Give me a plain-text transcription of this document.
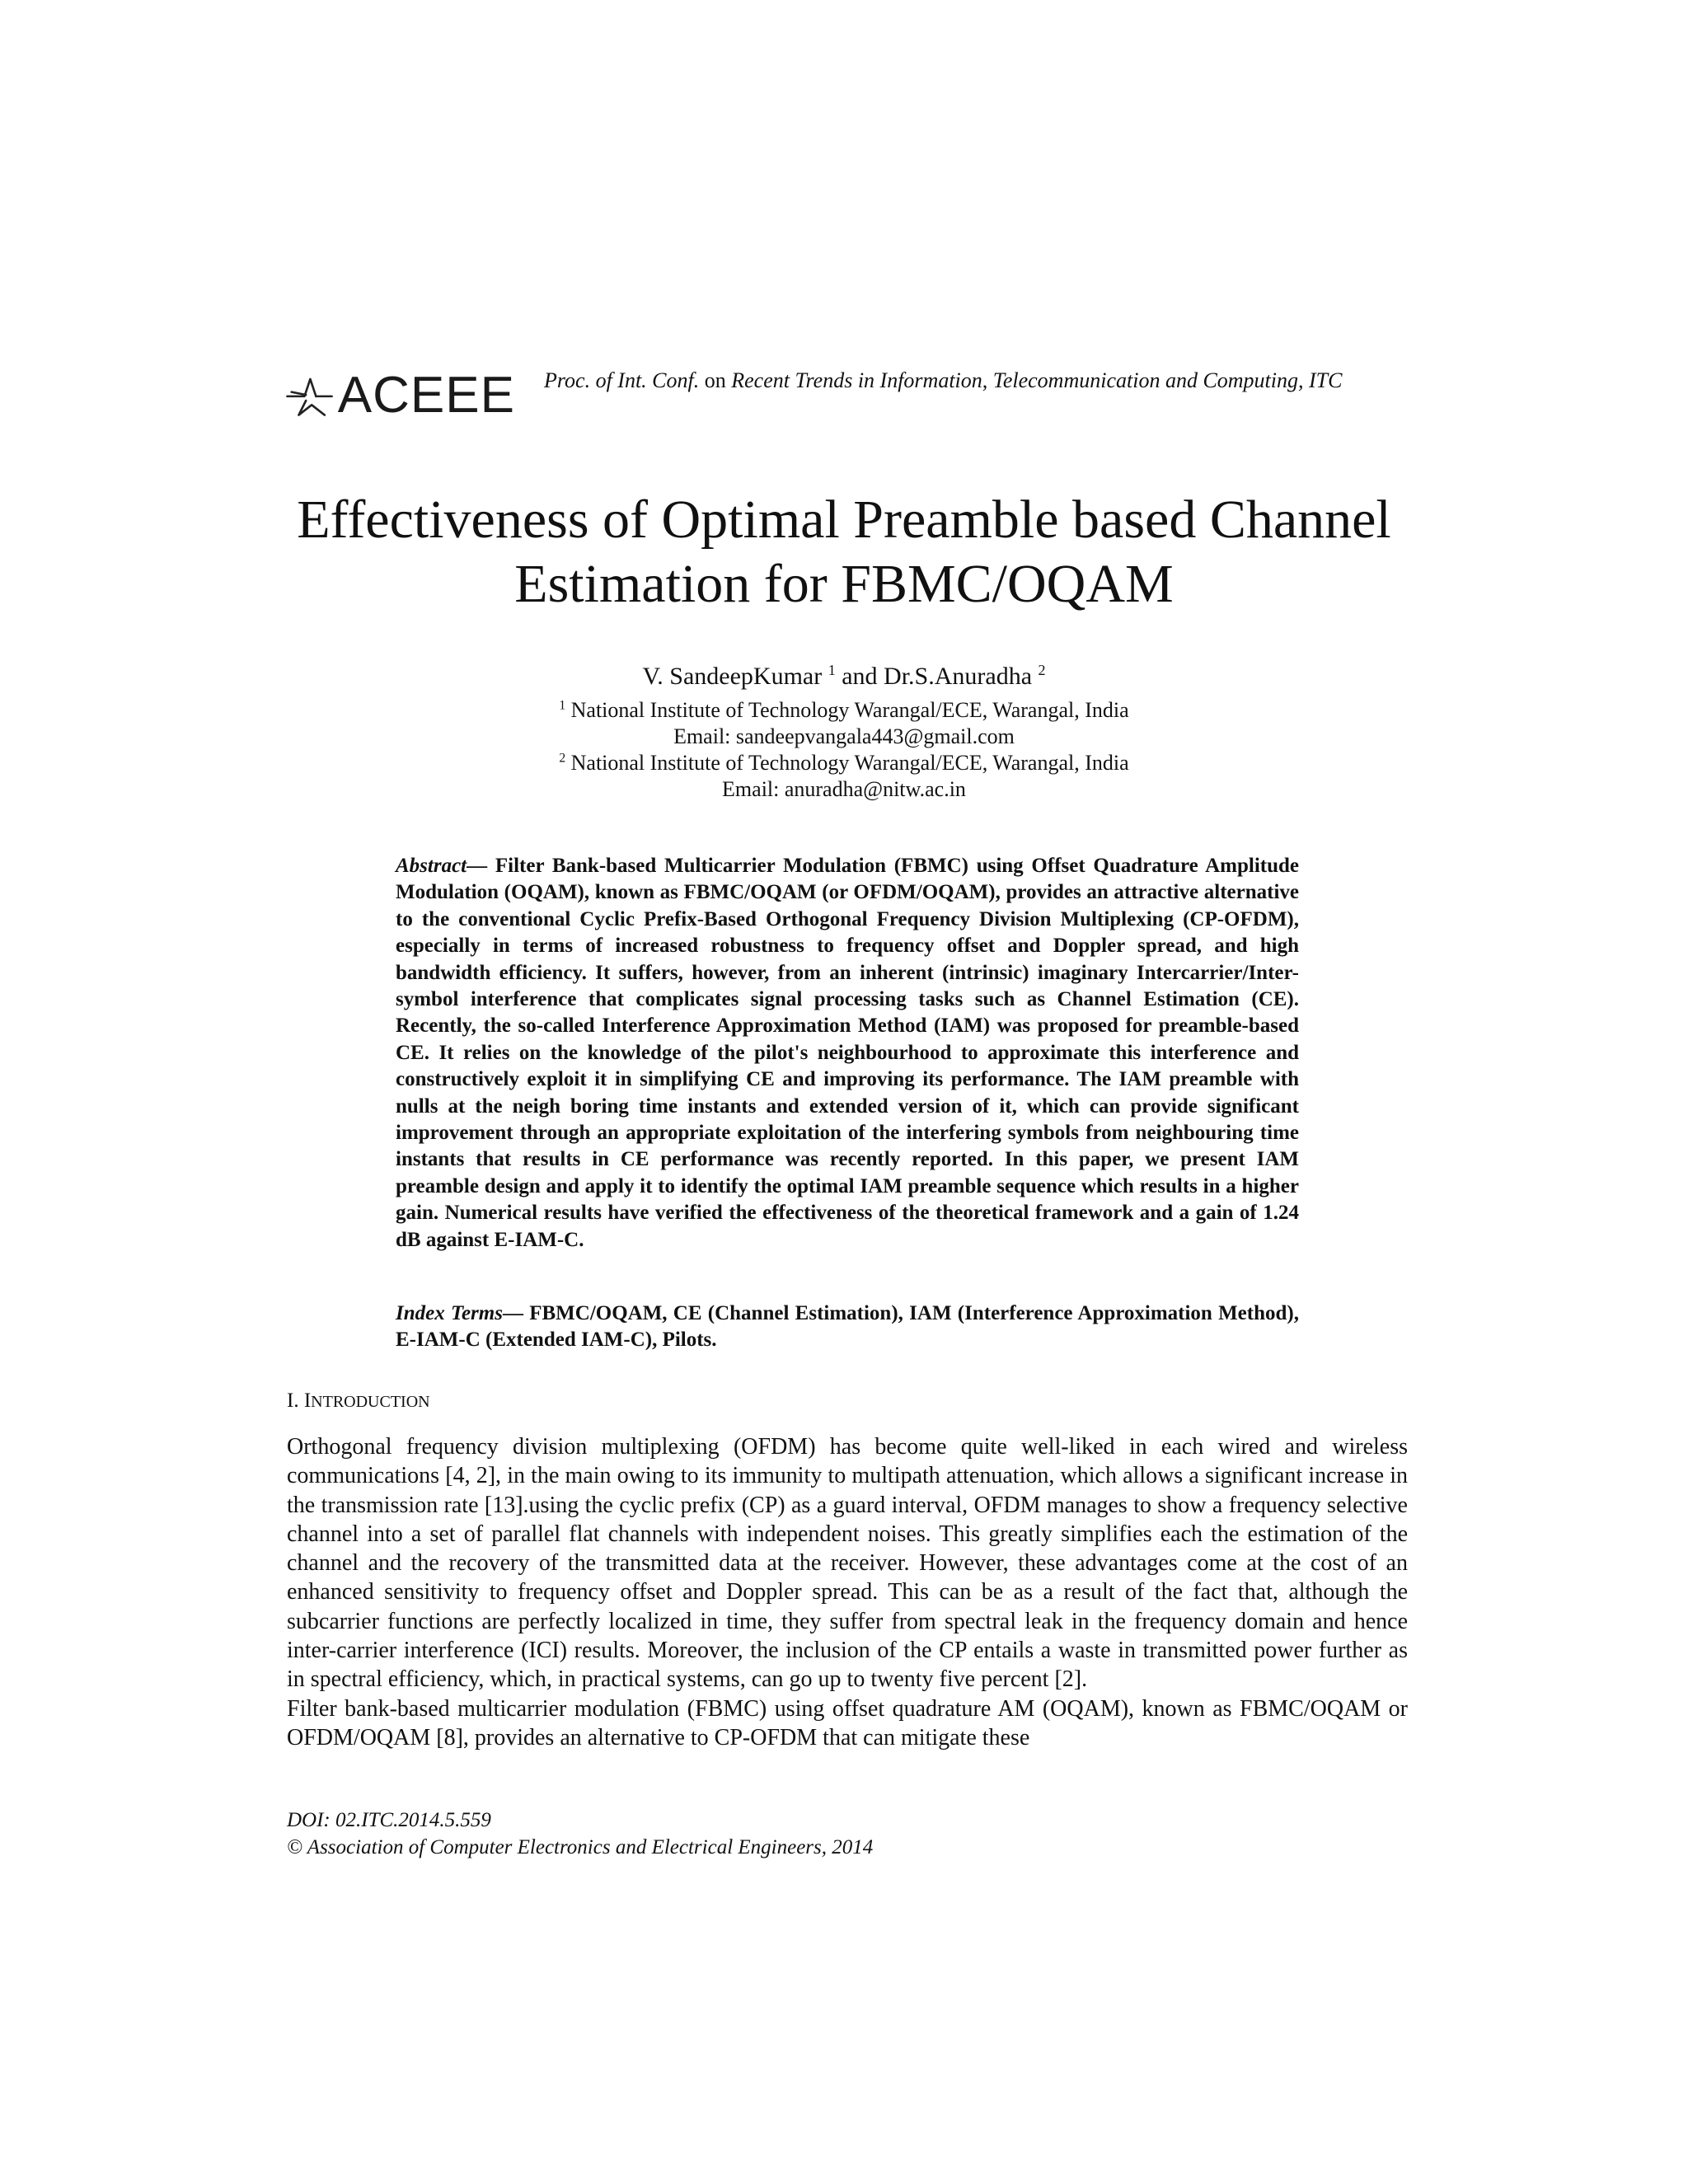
ACEEE Proc. of Int. Conf. on Recent Trends in Information, Telecommunication and Computing, ITC
Effectiveness of Optimal Preamble based Channel
Estimation for FBMC/OQAM
V. SandeepKumar $^1$ and Dr.S.Anuradha $^2$
$^1$ National Institute of Technology Warangal/ECE, Warangal, India
Email: sandeepvangala443@gmail.com
$^2$ National Institute of Technology Warangal/ECE, Warangal, India
Email: anuradha@nitw.ac.in
Abstract— Filter Bank-based Multicarrier Modulation (FBMC) using Offset Quadrature Amplitude Modulation (OQAM), known as FBMC/OQAM (or OFDM/OQAM), provides an attractive alternative to the conventional Cyclic Prefix-Based Orthogonal Frequency Division Multiplexing (CP-OFDM), especially in terms of increased robustness to frequency offset and Doppler spread, and high bandwidth efficiency. It suffers, however, from an inherent (intrinsic) imaginary Intercarrier/Inter-symbol interference that complicates signal processing tasks such as Channel Estimation (CE). Recently, the so-called Interference Approximation Method (IAM) was proposed for preamble-based CE. It relies on the knowledge of the pilot's neighbourhood to approximate this interference and constructively exploit it in simplifying CE and improving its performance. The IAM preamble with nulls at the neigh boring time instants and extended version of it, which can provide significant improvement through an appropriate exploitation of the interfering symbols from neighbouring time instants that results in CE performance was recently reported. In this paper, we present IAM preamble design and apply it to identify the optimal IAM preamble sequence which results in a higher gain. Numerical results have verified the effectiveness of the theoretical framework and a gain of 1.24 dB against E-IAM-C.
Index Terms— FBMC/OQAM, CE (Channel Estimation), IAM (Interference Approximation Method), E-IAM-C (Extended IAM-C), Pilots.
I. INTRODUCTION

Orthogonal frequency division multiplexing (OFDM) has become quite well-liked in each wired and wireless communications [4, 2], in the main owing to its immunity to multipath attenuation, which allows a significant increase in the transmission rate [13].using the cyclic prefix (CP) as a guard interval, OFDM manages to show a frequency selective channel into a set of parallel flat channels with independent noises. This greatly simplifies each the estimation of the channel and the recovery of the transmitted data at the receiver. However, these advantages come at the cost of an enhanced sensitivity to frequency offset and Doppler spread. This can be as a result of the fact that, although the subcarrier functions are perfectly localized in time, they suffer from spectral leak in the frequency domain and hence inter-carrier interference (ICI) results. Moreover, the inclusion of the CP entails a waste in transmitted power further as in spectral efficiency, which, in practical systems, can go up to twenty five percent [2].

Filter bank-based multicarrier modulation (FBMC) using offset quadrature AM (OQAM), known as FBMC/OQAM or OFDM/OQAM [8], provides an alternative to CP-OFDM that can mitigate these

DOI: 02.ITC.2014.5.559
© Association of Computer Electronics and Electrical Engineers, 2014
